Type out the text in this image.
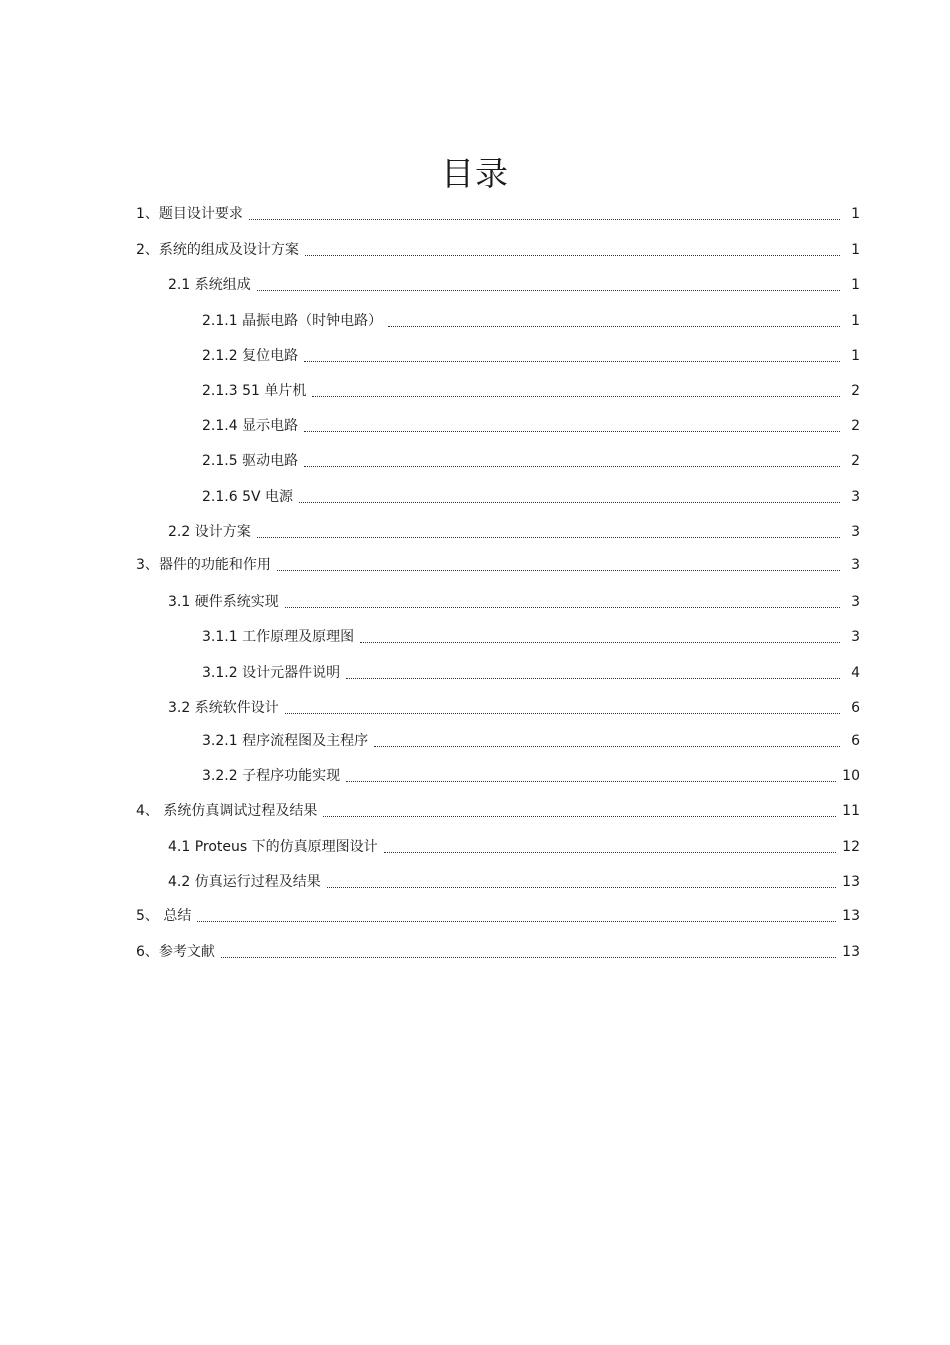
目录
1、题目设计要求	1
2、系统的组成及设计方案	1
2.1 系统组成	1
2.1.1 晶振电路（时钟电路）	1
2.1.2 复位电路	1
2.1.3 51 单片机	2
2.1.4 显示电路	2
2.1.5 驱动电路	2
2.1.6 5V 电源	3
2.2 设计方案	3
3、器件的功能和作用	3
3.1 硬件系统实现	3
3.1.1 工作原理及原理图	3
3.1.2 设计元器件说明	4
3.2 系统软件设计	6
3.2.1 程序流程图及主程序	6
3.2.2 子程序功能实现	10
4、 系统仿真调试过程及结果	11
4.1 Proteus 下的仿真原理图设计	12
4.2 仿真运行过程及结果	13
5、 总结	13
6、参考文献	13
